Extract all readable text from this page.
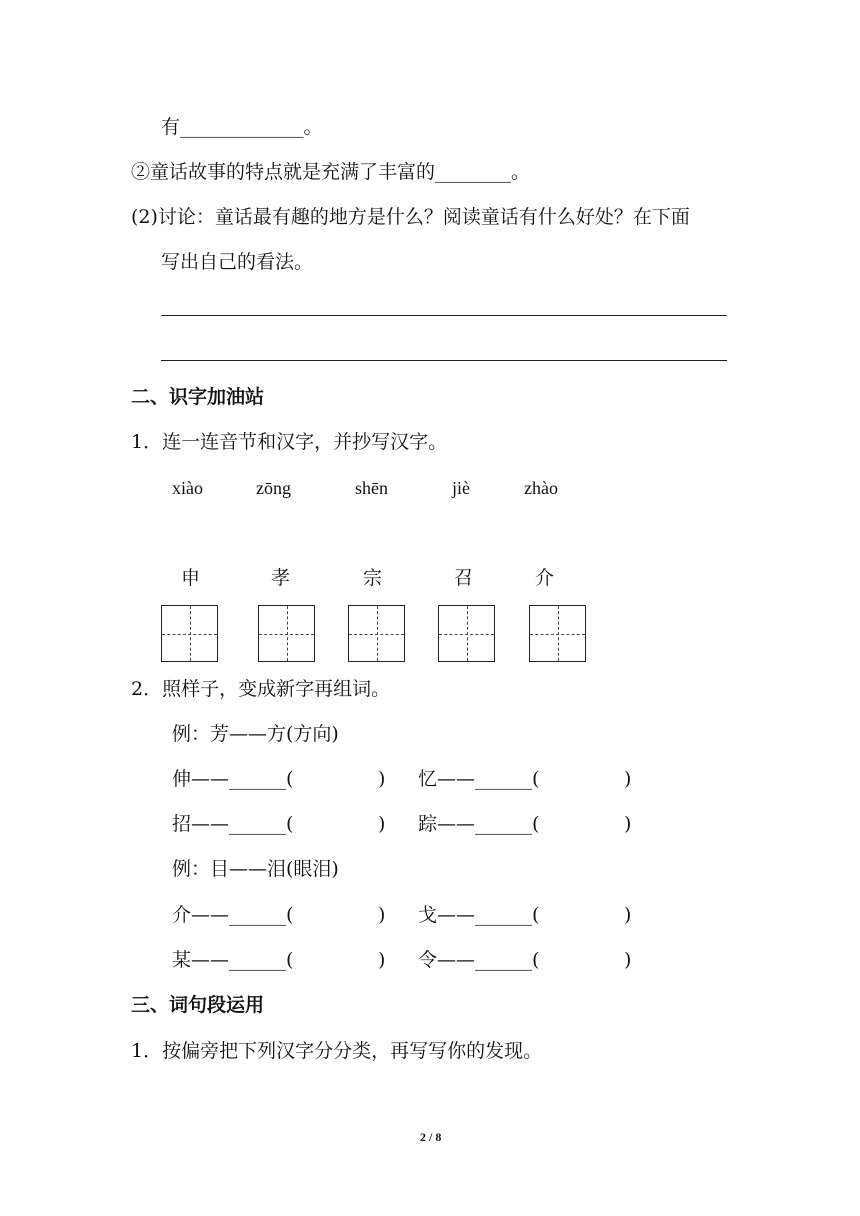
有_____________。
②童话故事的特点就是充满了丰富的________。
(2)讨论：童话最有趣的地方是什么？阅读童话有什么好处？在下面
写出自己的看法。
二、识字加油站
1．连一连音节和汉字，并抄写汉字。
xiào	zōng	shēn	jiè	zhào
申	孝	宗	召	介
2．照样子，变成新字再组词。
例：芳——方(方向)
伸——______(	) 忆——______(	)
招——______(	) 踪——______(	)
例：目——泪(眼泪)
介——______(	) 戈——______(	)
某——______(	) 令——______(	)
三、词句段运用
1．按偏旁把下列汉字分分类，再写写你的发现。
2 / 8
